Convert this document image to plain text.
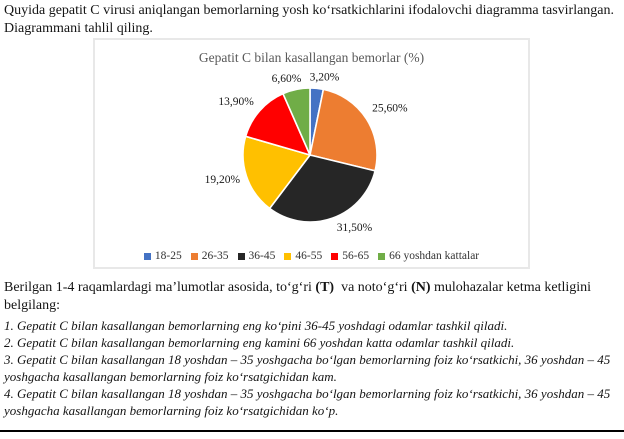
Quyida gepatit C virusi aniqlangan bemorlarning yosh ko‘rsatkichlarini ifodalovchi diagramma tasvirlangan. Diagrammani tahlil qiling.

Gepatit C bilan kasallangan bemorlar (%)
3,20%
25,60%
31,50%
19,20%
13,90%
6,60%
18-25 26-35 36-45 46-55 56-65 66 yoshdan kattalar

Berilgan 1-4 raqamlardagi ma’lumotlar asosida, to‘g‘ri (T)  va noto‘g‘ri (N) mulohazalar ketma ketligini belgilang:

1. Gepatit C bilan kasallangan bemorlarning eng ko‘pini 36-45 yoshdagi odamlar tashkil qiladi.

2. Gepatit C bilan kasallangan bemorlarning eng kamini 66 yoshdan katta odamlar tashkil qiladi.

3. Gepatit C bilan kasallangan 18 yoshdan – 35 yoshgacha bo‘lgan bemorlarning foiz ko‘rsatkichi, 36 yoshdan – 45 yoshgacha kasallangan bemorlarning foiz ko‘rsatgichidan kam.

4. Gepatit C bilan kasallangan 18 yoshdan – 35 yoshgacha bo‘lgan bemorlarning foiz ko‘rsatkichi, 36 yoshdan – 45 yoshgacha kasallangan bemorlarning foiz ko‘rsatgichidan ko‘p.
